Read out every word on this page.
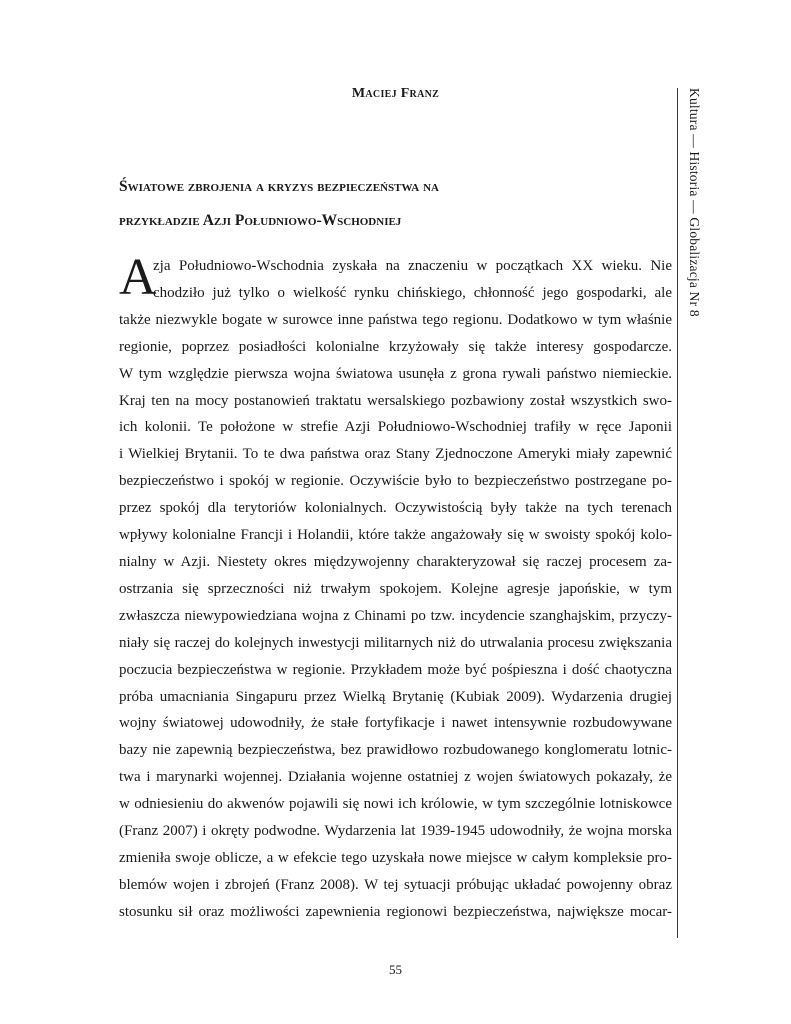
Maciej Franz
Światowe zbrojenia a kryzys bezpieczeństwa na
przykładzie Azji Południowo-Wschodniej
A
zja Południowo-Wschodnia zyskała na znaczeniu w początkach XX wieku. Nie
chodziło już tylko o wielkość rynku chińskiego, chłonność jego gospodarki, ale
także niezwykle bogate w surowce inne państwa tego regionu. Dodatkowo w tym właśnie
regionie, poprzez posiadłości kolonialne krzyżowały się także interesy gospodarcze.
W tym względzie pierwsza wojna światowa usunęła z grona rywali państwo niemieckie.
Kraj ten na mocy postanowień traktatu wersalskiego pozbawiony został wszystkich swo-
ich kolonii. Te położone w strefie Azji Południowo-Wschodniej trafiły w ręce Japonii
i Wielkiej Brytanii. To te dwa państwa oraz Stany Zjednoczone Ameryki miały zapewnić
bezpieczeństwo i spokój w regionie. Oczywiście było to bezpieczeństwo postrzegane po-
przez spokój dla terytoriów kolonialnych. Oczywistością były także na tych terenach
wpływy kolonialne Francji i Holandii, które także angażowały się w swoisty spokój kolo-
nialny w Azji. Niestety okres międzywojenny charakteryzował się raczej procesem za-
ostrzania się sprzeczności niż trwałym spokojem. Kolejne agresje japońskie, w tym
zwłaszcza niewypowiedziana wojna z Chinami po tzw. incydencie szanghajskim, przyczy-
niały się raczej do kolejnych inwestycji militarnych niż do utrwalania procesu zwiększania
poczucia bezpieczeństwa w regionie. Przykładem może być pośpieszna i dość chaotyczna
próba umacniania Singapuru przez Wielką Brytanię (Kubiak 2009). Wydarzenia drugiej
wojny światowej udowodniły, że stałe fortyfikacje i nawet intensywnie rozbudowywane
bazy nie zapewnią bezpieczeństwa, bez prawidłowo rozbudowanego konglomeratu lotnic-
twa i marynarki wojennej. Działania wojenne ostatniej z wojen światowych pokazały, że
w odniesieniu do akwenów pojawili się nowi ich królowie, w tym szczególnie lotniskowce
(Franz 2007) i okręty podwodne. Wydarzenia lat 1939-1945 udowodniły, że wojna morska
zmieniła swoje oblicze, a w efekcie tego uzyskała nowe miejsce w całym kompleksie pro-
blemów wojen i zbrojeń (Franz 2008). W tej sytuacji próbując układać powojenny obraz
stosunku sił oraz możliwości zapewnienia regionowi bezpieczeństwa, największe mocar-
Kultura — Historia — Globalizacja Nr 8
55
